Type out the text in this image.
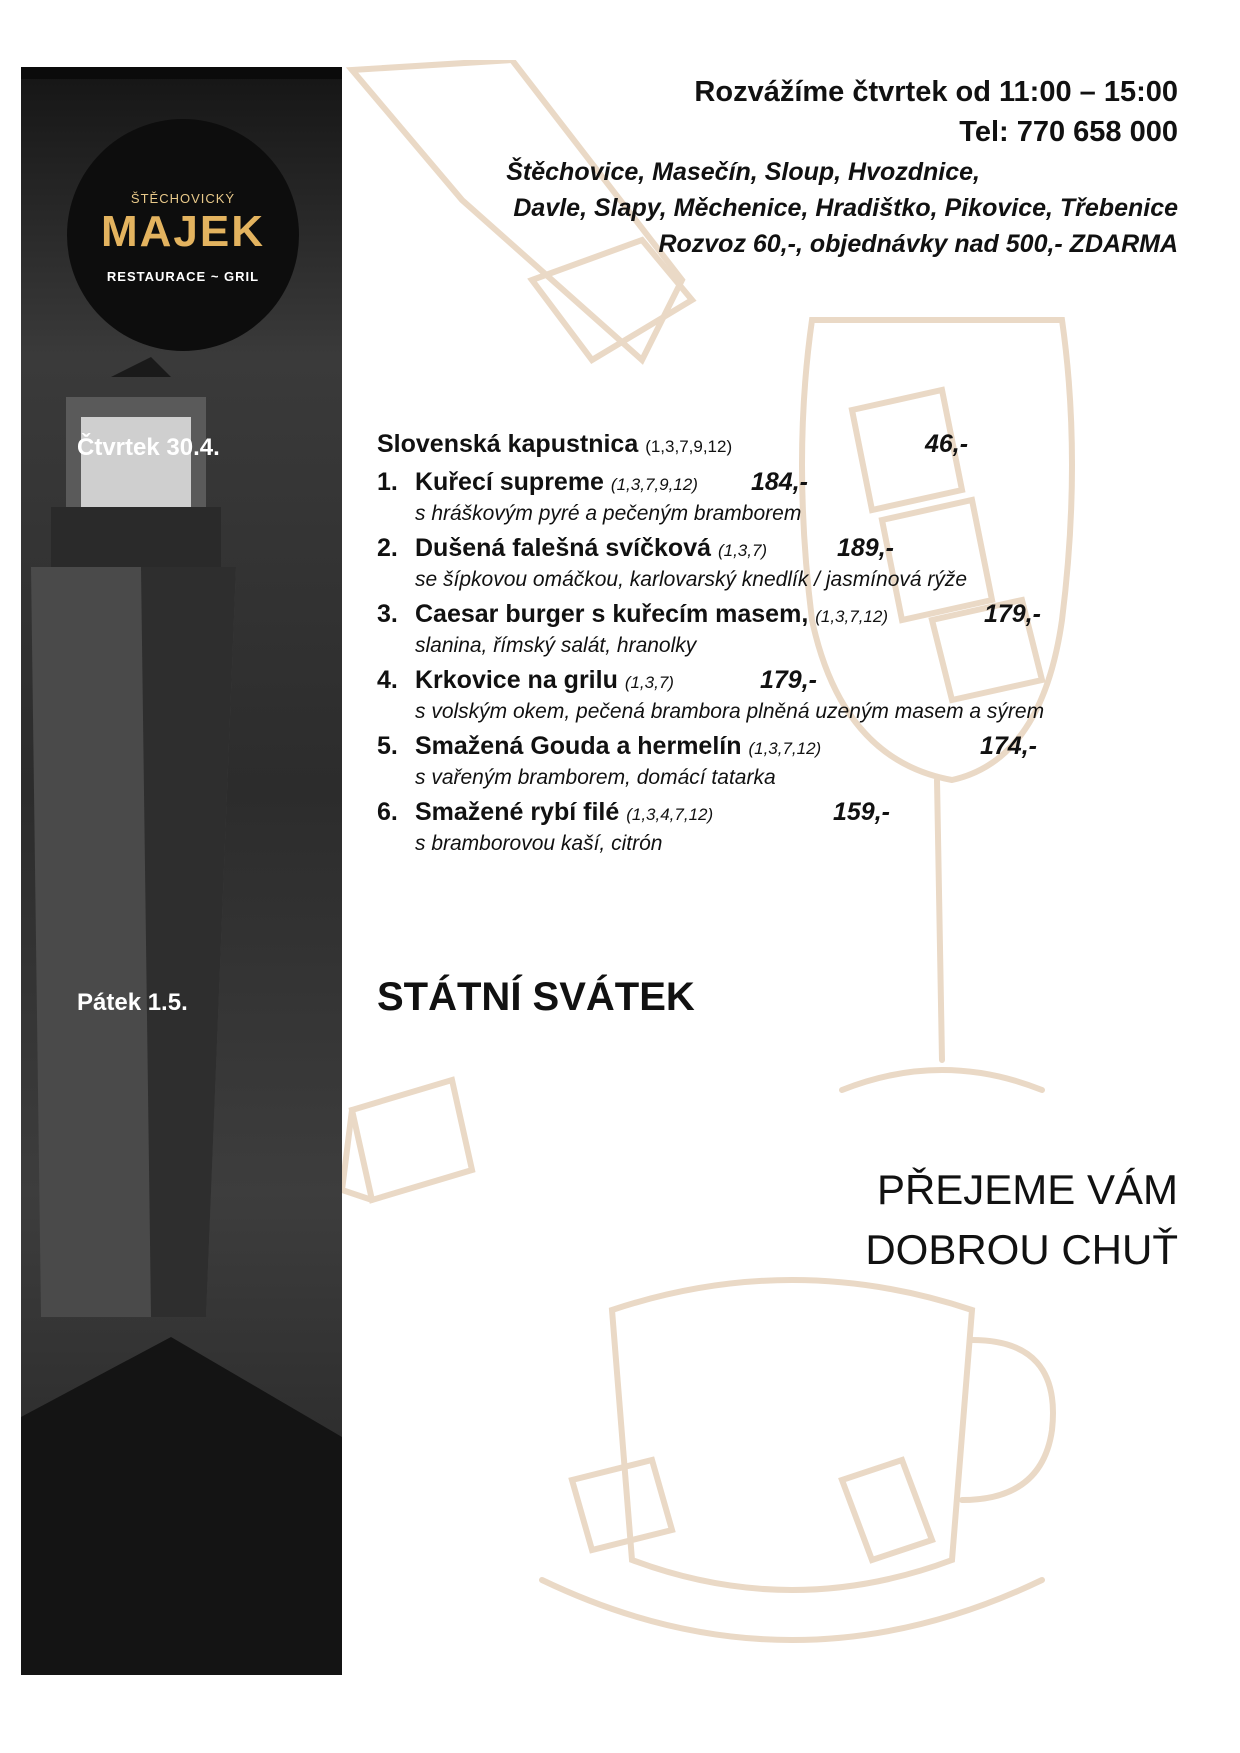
ŠTĚCHOVICKÝ
MAJEK
RESTAURACE ~ GRIL
Čtvrtek 30.4.
Pátek 1.5.
Rozvážíme čtvrtek od 11:00 – 15:00
Tel: 770 658 000
Štěchovice, Masečín, Sloup, Hvozdnice,
Davle, Slapy, Měchenice, Hradištko, Pikovice, Třebenice
Rozvoz 60,-, objednávky nad 500,- ZDARMA
Slovenská kapustnica (1,3,7,9,12)	46,-
1. Kuřecí supreme (1,3,7,9,12) 184,-
s hráškovým pyré a pečeným bramborem
2. Dušená falešná svíčková (1,3,7)	189,-
se šípkovou omáčkou, karlovarský knedlík / jasmínová rýže
3. Caesar burger s kuřecím masem, (1,3,7,12)	179,-
slanina, římský salát, hranolky
4. Krkovice na grilu (1,3,7)	179,-
s volským okem, pečená brambora plněná uzeným masem a sýrem
5. Smažená Gouda a hermelín (1,3,7,12)	174,-
s vařeným bramborem, domácí tatarka
6. Smažené rybí filé (1,3,4,7,12)	159,-
s bramborovou kaší, citrón
STÁTNÍ SVÁTEK
PŘEJEME VÁM
DOBROU CHUŤ
